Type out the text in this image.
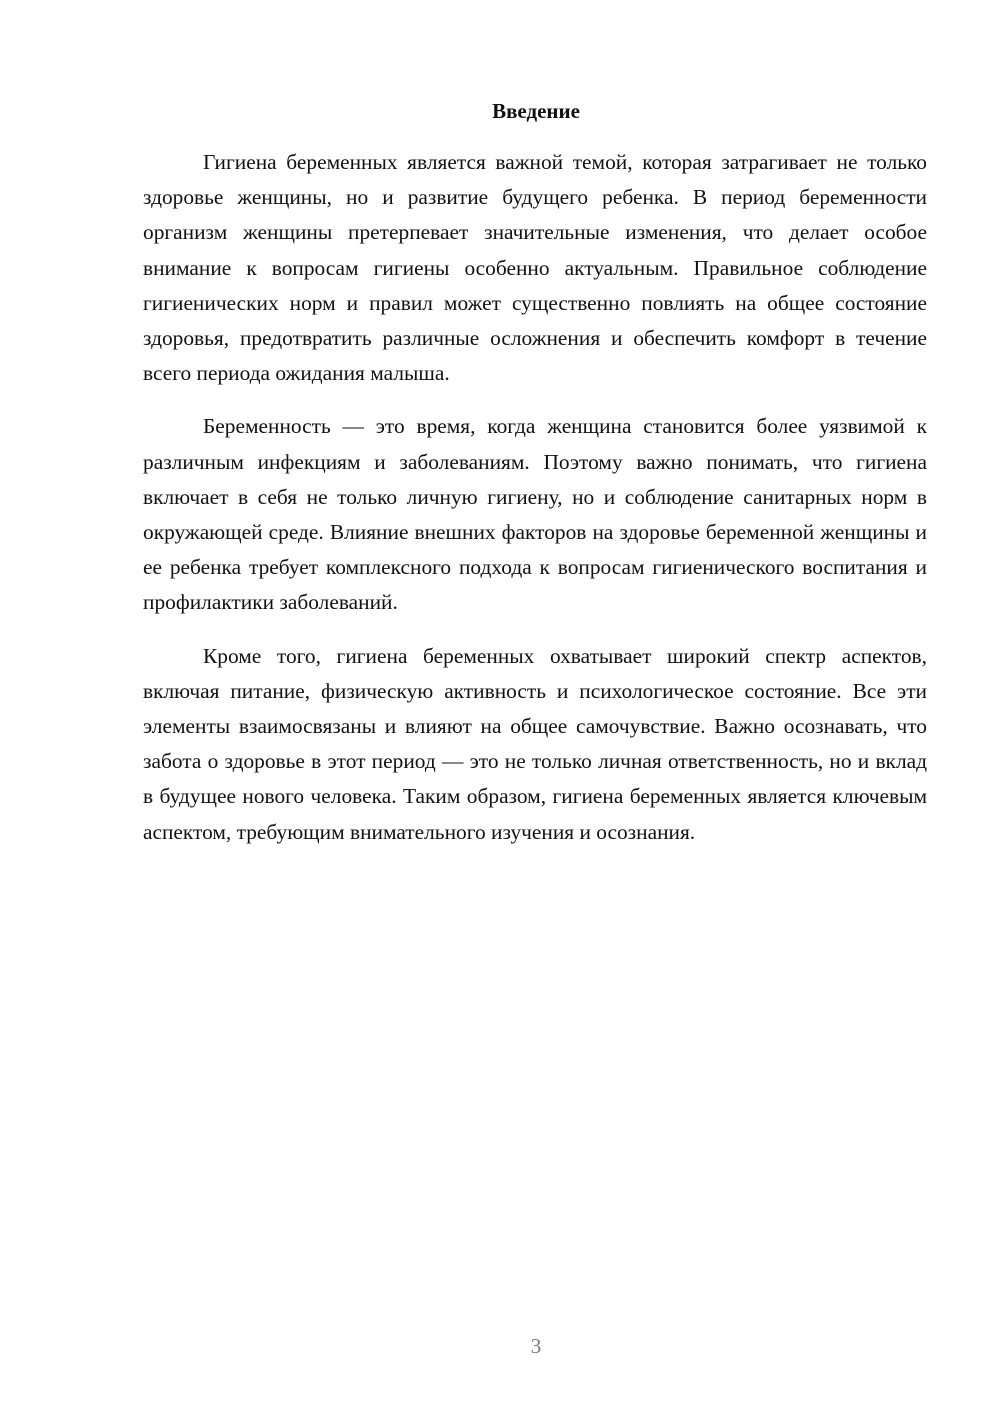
Введение

Гигиена беременных является важной темой, которая затрагивает не только здоровье женщины, но и развитие будущего ребенка. В период беременности организм женщины претерпевает значительные изменения, что делает особое внимание к вопросам гигиены особенно актуальным. Правильное соблюдение гигиенических норм и правил может существенно повлиять на общее состояние здоровья, предотвратить различные осложнения и обеспечить комфорт в течение всего периода ожидания малыша.

Беременность — это время, когда женщина становится более уязвимой к различным инфекциям и заболеваниям. Поэтому важно понимать, что гигиена включает в себя не только личную гигиену, но и соблюдение санитарных норм в окружающей среде. Влияние внешних факторов на здоровье беременной женщины и ее ребенка требует комплексного подхода к вопросам гигиенического воспитания и профилактики заболеваний.

Кроме того, гигиена беременных охватывает широкий спектр аспектов, включая питание, физическую активность и психологическое состояние. Все эти элементы взаимосвязаны и влияют на общее самочувствие. Важно осознавать, что забота о здоровье в этот период — это не только личная ответственность, но и вклад в будущее нового человека. Таким образом, гигиена беременных является ключевым аспектом, требующим внимательного изучения и осознания.

3
